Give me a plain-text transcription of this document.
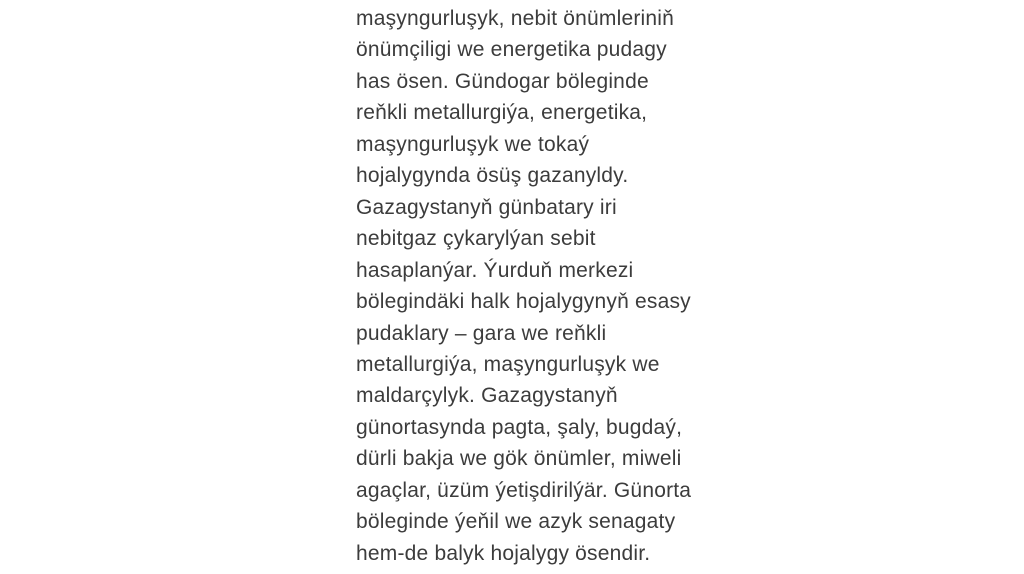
maşyngurluşyk, nebit önümleriniň
önümçiligi we energetika pudagy
has ösen. Gündogar böleginde
reňkli metallurgiýa, energetika,
maşyngurluşyk we tokaý
hojalygynda ösüş gazanyldy.
Gazagystanyň günbatary iri
nebitgaz çykarylýan sebit
hasaplanýar. Ýurduň merkezi
bölegindäki halk hojalygynyň esasy
pudaklary – gara we reňkli
metallurgiýa, maşyngurluşyk we
maldarçylyk. Gazagystanyň
günortasynda pagta, şaly, bugdaý,
dürli bakja we gök önümler, miweli
agaçlar, üzüm ýetişdirilýär. Günorta
böleginde ýeňil we azyk senagaty
hem-de balyk hojalygy ösendir.
